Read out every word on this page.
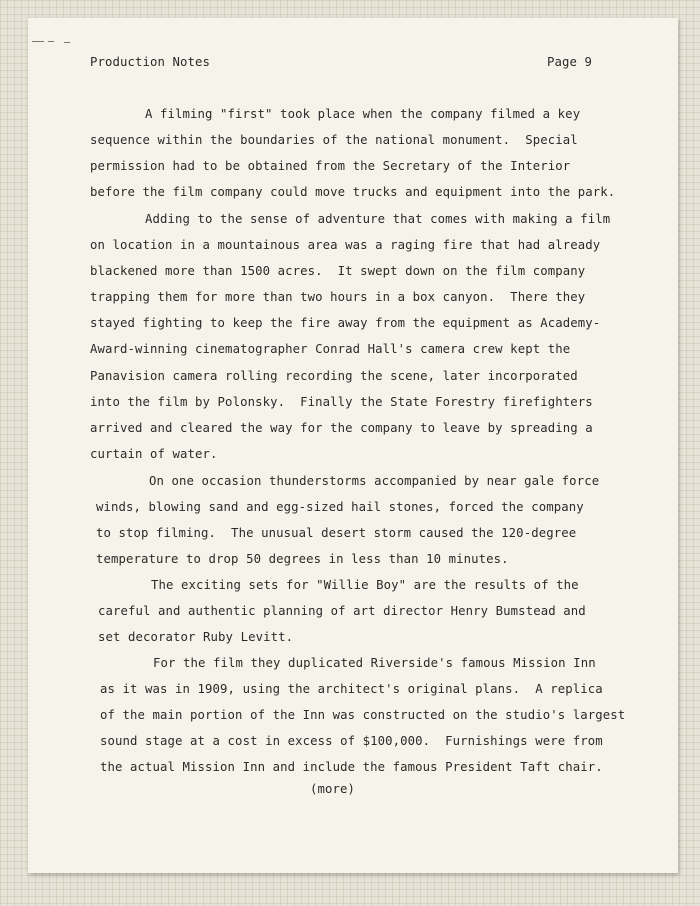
Production Notes	Page 9
A filming "first" took place when the company filmed a key
sequence within the boundaries of the national monument.  Special
permission had to be obtained from the Secretary of the Interior
before the film company could move trucks and equipment into the park.
Adding to the sense of adventure that comes with making a film
on location in a mountainous area was a raging fire that had already
blackened more than 1500 acres.  It swept down on the film company
trapping them for more than two hours in a box canyon.  There they
stayed fighting to keep the fire away from the equipment as Academy-
Award-winning cinematographer Conrad Hall's camera crew kept the
Panavision camera rolling recording the scene, later incorporated
into the film by Polonsky.  Finally the State Forestry firefighters
arrived and cleared the way for the company to leave by spreading a
curtain of water.
On one occasion thunderstorms accompanied by near gale force
winds, blowing sand and egg-sized hail stones, forced the company
to stop filming.  The unusual desert storm caused the 120-degree
temperature to drop 50 degrees in less than 10 minutes.
The exciting sets for "Willie Boy" are the results of the
careful and authentic planning of art director Henry Bumstead and
set decorator Ruby Levitt.
For the film they duplicated Riverside's famous Mission Inn
as it was in 1909, using the architect's original plans.  A replica
of the main portion of the Inn was constructed on the studio's largest
sound stage at a cost in excess of $100,000.  Furnishings were from
the actual Mission Inn and include the famous President Taft chair.
(more)
